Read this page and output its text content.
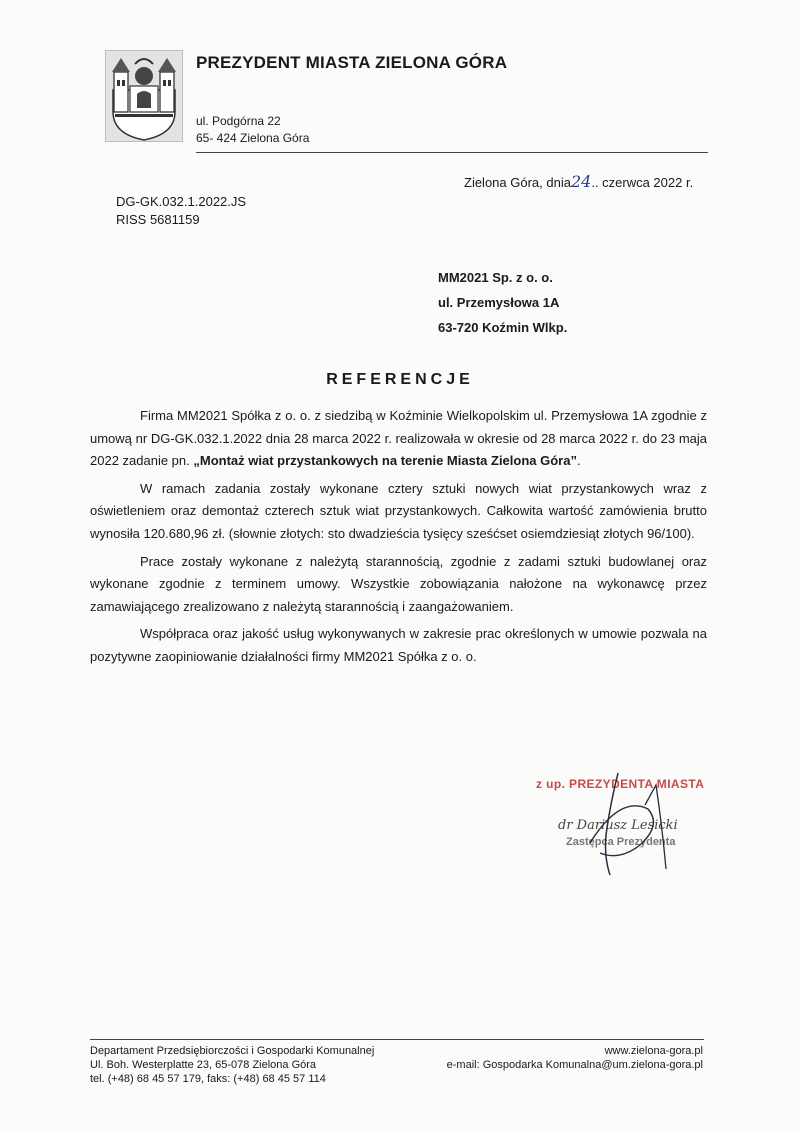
PREZYDENT MIASTA ZIELONA GÓRA
ul. Podgórna 22
65- 424 Zielona Góra
Zielona Góra, dnia24.. czerwca 2022 r.
DG-GK.032.1.2022.JS
RISS 5681159
MM2021 Sp. z o. o.
ul. Przemysłowa 1A
63-720 Koźmin Wlkp.
REFERENCJE

Firma MM2021 Spółka z o. o. z siedzibą w Koźminie Wielkopolskim ul. Przemysłowa 1A zgodnie z umową nr DG-GK.032.1.2022 dnia 28 marca 2022 r. realizowała w okresie od 28 marca 2022 r. do 23 maja 2022 zadanie pn. „Montaż wiat przystankowych na terenie Miasta Zielona Góra”.

W ramach zadania zostały wykonane cztery sztuki nowych wiat przystankowych wraz z oświetleniem oraz demontaż czterech sztuk wiat przystankowych. Całkowita wartość zamówienia brutto wynosiła 120.680,96 zł. (słownie złotych: sto dwadzieścia tysięcy sześćset osiemdziesiąt złotych 96/100).

Prace zostały wykonane z należytą starannością, zgodnie z zadami sztuki budowlanej oraz wykonane zgodnie z terminem umowy. Wszystkie zobowiązania nałożone na wykonawcę przez zamawiającego zrealizowano z należytą starannością i zaangażowaniem.

Współpraca oraz jakość usług wykonywanych w zakresie prac określonych w umowie pozwala na pozytywne zaopiniowanie działalności firmy MM2021 Spółka z o. o.

z up. PREZYDENTA MIASTA
dr Dariusz Lesicki
Zastępca Prezydenta
Departament Przedsiębiorczości i Gospodarki Komunalnej
Ul. Boh. Westerplatte 23, 65-078 Zielona Góra
tel. (+48) 68 45 57 179, faks: (+48) 68 45 57 114
www.zielona-gora.pl
e-mail: Gospodarka Komunalna@um.zielona-gora.pl
